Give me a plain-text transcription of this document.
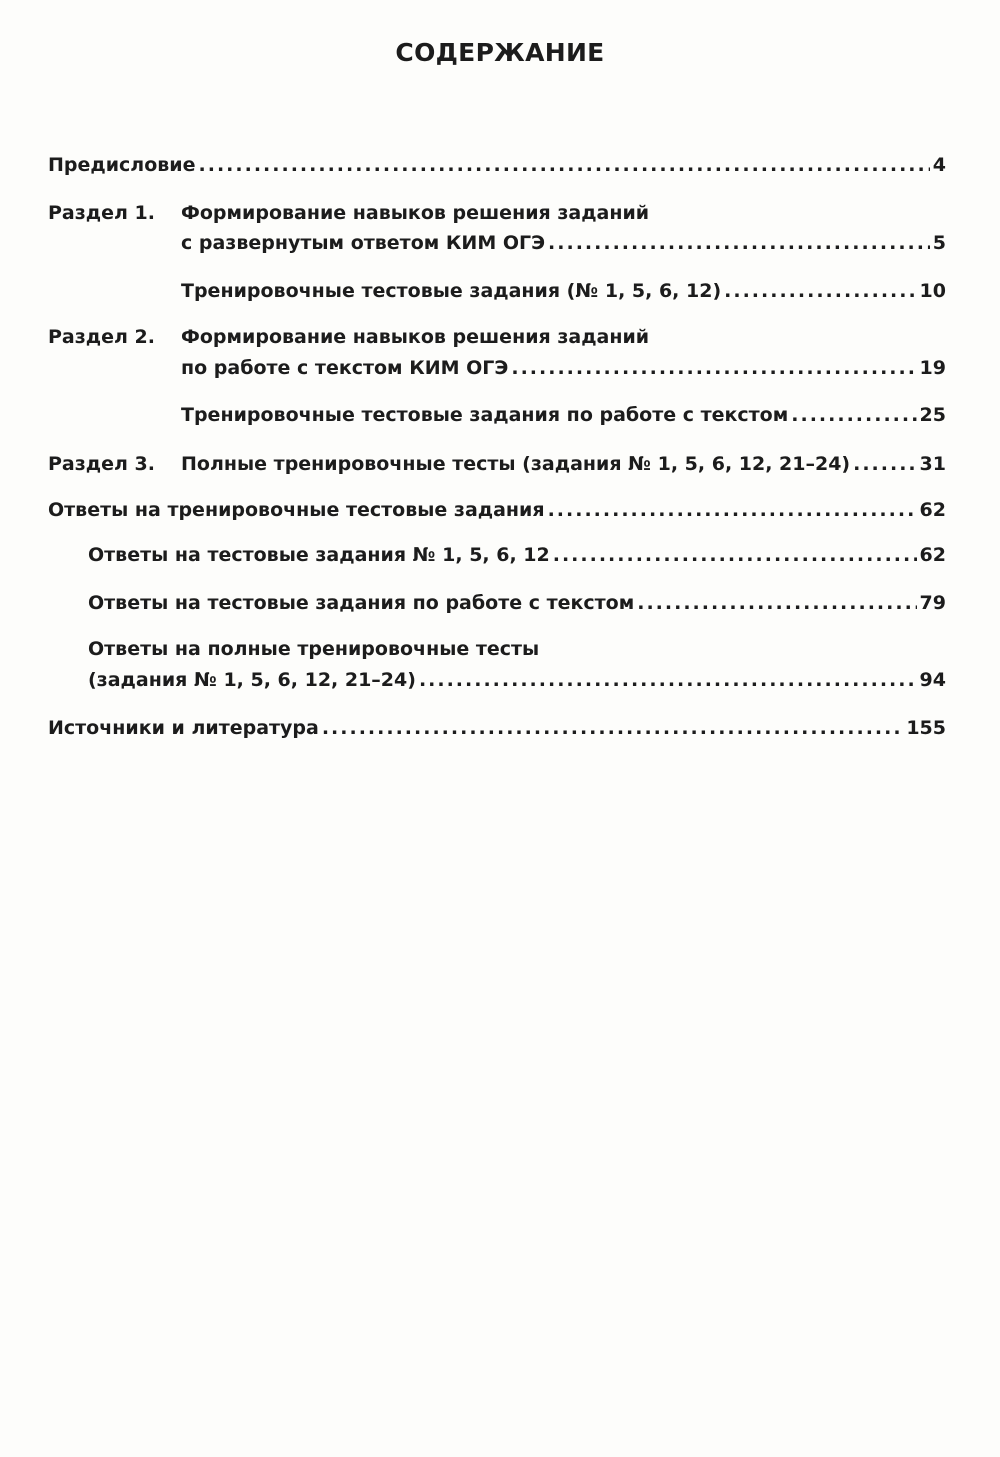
СОДЕРЖАНИЕ
Предисловие .....	4
Раздел 1. Формирование навыков решения заданий
с развернутым ответом КИМ ОГЭ .....	5
Тренировочные тестовые задания (№ 1, 5, 6, 12) .....	10
Раздел 2. Формирование навыков решения заданий
по работе с текстом КИМ ОГЭ .....	19
Тренировочные тестовые задания по работе с текстом .....	25
Раздел 3. Полные тренировочные тесты (задания № 1, 5, 6, 12, 21–24) .....	31
Ответы на тренировочные тестовые задания .....	62
Ответы на тестовые задания № 1, 5, 6, 12 .....	62
Ответы на тестовые задания по работе с текстом .....	79
Ответы на полные тренировочные тесты
(задания № 1, 5, 6, 12, 21–24) .....	94
Источники и литература .....	155
